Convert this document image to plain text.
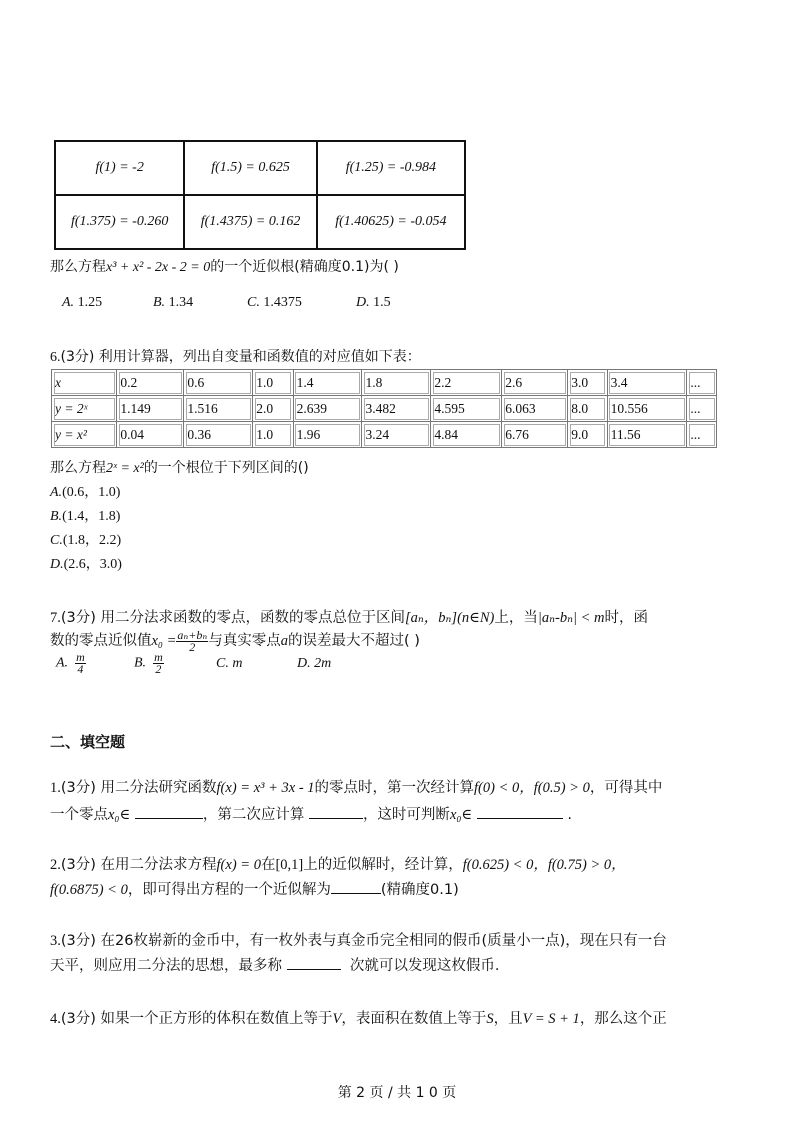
f(1) = -2	f(1.5) = 0.625	f(1.25) = -0.984
f(1.375) = -0.260	f(1.4375) = 0.162	f(1.40625) = -0.054
那么方程x³ + x² - 2x - 2 = 0的一个近似根(精确度0.1)为( )
A. 1.25	B. 1.34	C. 1.4375	D. 1.5
6.(3分) 利用计算器，列出自变量和函数值的对应值如下表：
x	0.2	0.6	1.0	1.4	1.8	2.2	2.6	3.0	3.4	...
y = 2ˣ	1.149	1.516	2.0	2.639	3.482	4.595	6.063	8.0	10.556	...
y = x²	0.04	0.36	1.0	1.96	3.24	4.84	6.76	9.0	11.56	...
那么方程2ˣ = x²的一个根位于下列区间的()
A.(0.6，1.0)
B.(1.4，1.8)
C.(1.8，2.2)
D.(2.6，3.0)
7.(3分) 用二分法求函数的零点，函数的零点总位于区间[aₙ，bₙ](n∈N)上，当|aₙ-bₙ| < m时，函
数的零点近似值$x_0 = \frac{\text{aₙ+bₙ}}{2}$ 与真实零点a的误差最大不超过( )
A. $\frac{m}{4}$	B. $\frac{m}{2}$	C. m	D. 2m
二、填空题
1.(3分) 用二分法研究函数f(x) = x³ + 3x - 1的零点时，第一次经计算f(0) < 0，f(0.5) > 0，可得其中
一个零点x₀∈	，第二次应计算	，这时可判断x₀∈	.
2.(3分) 在用二分法求方程f(x) = 0在[0,1]上的近似解时，经计算，f(0.625) < 0，f(0.75) > 0，
f(0.6875) < 0，即可得出方程的一个近似解为	(精确度0.1)
3.(3分) 在26枚崭新的金币中，有一枚外表与真金币完全相同的假币(质量小一点)，现在只有一台
天平，则应用二分法的思想，最多称	次就可以发现这枚假币.
4.(3分) 如果一个正方形的体积在数值上等于V，表面积在数值上等于S，且V = S + 1，那么这个正
第 2 页 / 共 1 0 页
